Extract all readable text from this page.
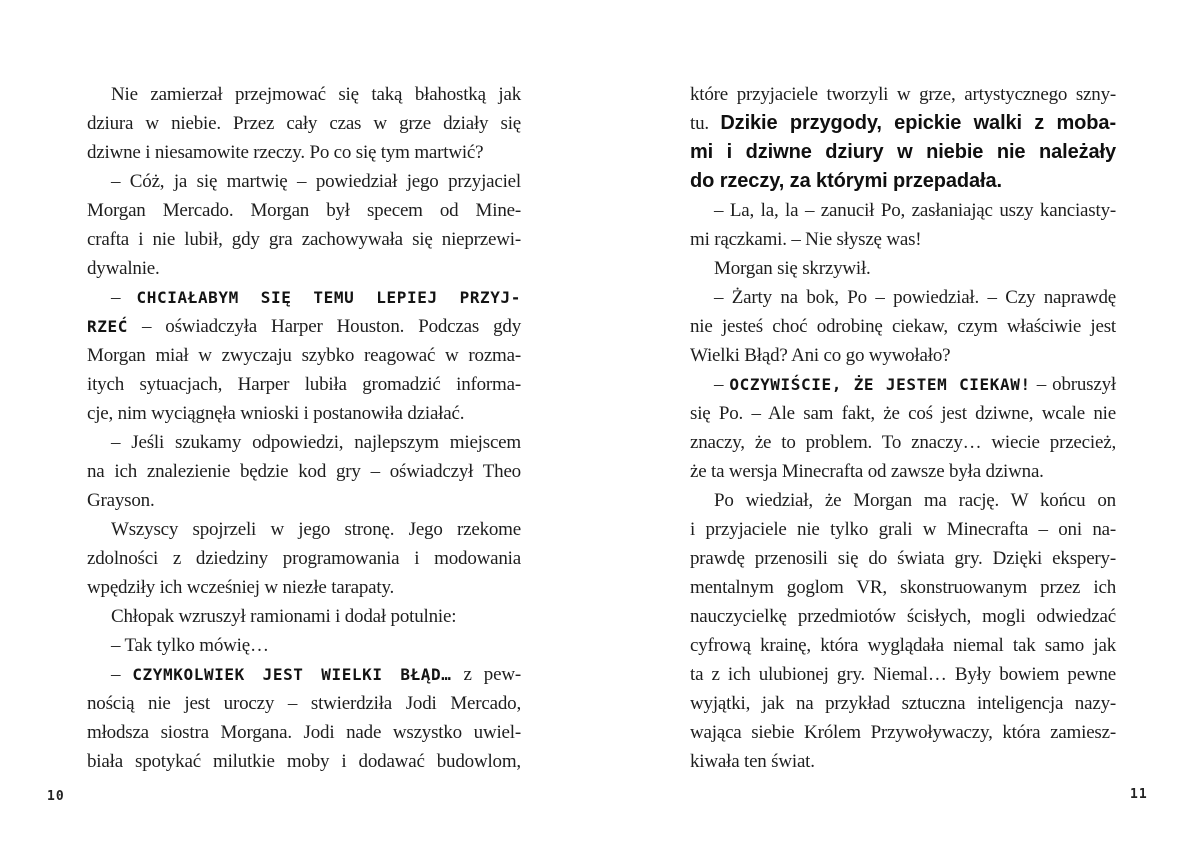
Nie zamierzał przejmować się taką błahostką jak
dziura w niebie. Przez cały czas w grze działy się
dziwne i niesamowite rzeczy. Po co się tym martwić?
– Cóż, ja się martwię – powiedział jego przyjaciel
Morgan Mercado. Morgan był specem od Mine-
crafta i nie lubił, gdy gra zachowywała się nieprzewi-
dywalnie.
– CHCIAŁABYM SIĘ TEMU LEPIEJ PRZYJ-
RZEĆ – oświadczyła Harper Houston. Podczas gdy
Morgan miał w zwyczaju szybko reagować w rozma-
itych sytuacjach, Harper lubiła gromadzić informa-
cje, nim wyciągnęła wnioski i postanowiła działać.
– Jeśli szukamy odpowiedzi, najlepszym miejscem
na ich znalezienie będzie kod gry – oświadczył Theo
Grayson.
Wszyscy spojrzeli w jego stronę. Jego rzekome
zdolności z dziedziny programowania i modowania
wpędziły ich wcześniej w niezłe tarapaty.
Chłopak wzruszył ramionami i dodał potulnie:
– Tak tylko mówię…
– CZYMKOLWIEK JEST WIELKI BŁĄD… z pew-
nością nie jest uroczy – stwierdziła Jodi Mercado,
młodsza siostra Morgana. Jodi nade wszystko uwiel-
biała spotykać milutkie moby i dodawać budowlom,
które przyjaciele tworzyli w grze, artystycznego szny-
tu. Dzikie przygody, epickie walki z moba-
mi i dziwne dziury w niebie nie należały
do rzeczy, za którymi przepadała.
– La, la, la – zanucił Po, zasłaniając uszy kanciasty-
mi rączkami. – Nie słyszę was!
Morgan się skrzywił.
– Żarty na bok, Po – powiedział. – Czy naprawdę
nie jesteś choć odrobinę ciekaw, czym właściwie jest
Wielki Błąd? Ani co go wywołało?
– OCZYWIŚCIE, ŻE JESTEM CIEKAW! – obruszył
się Po. – Ale sam fakt, że coś jest dziwne, wcale nie
znaczy, że to problem. To znaczy… wiecie przecież,
że ta wersja Minecrafta od zawsze była dziwna.
Po wiedział, że Morgan ma rację. W końcu on
i przyjaciele nie tylko grali w Minecrafta – oni na-
prawdę przenosili się do świata gry. Dzięki ekspery-
mentalnym goglom VR, skonstruowanym przez ich
nauczycielkę przedmiotów ścisłych, mogli odwiedzać
cyfrową krainę, która wyglądała niemal tak samo jak
ta z ich ulubionej gry. Niemal… Były bowiem pewne
wyjątki, jak na przykład sztuczna inteligencja nazy-
wająca siebie Królem Przywoływaczy, która zamiesz-
kiwała ten świat.
10	11
